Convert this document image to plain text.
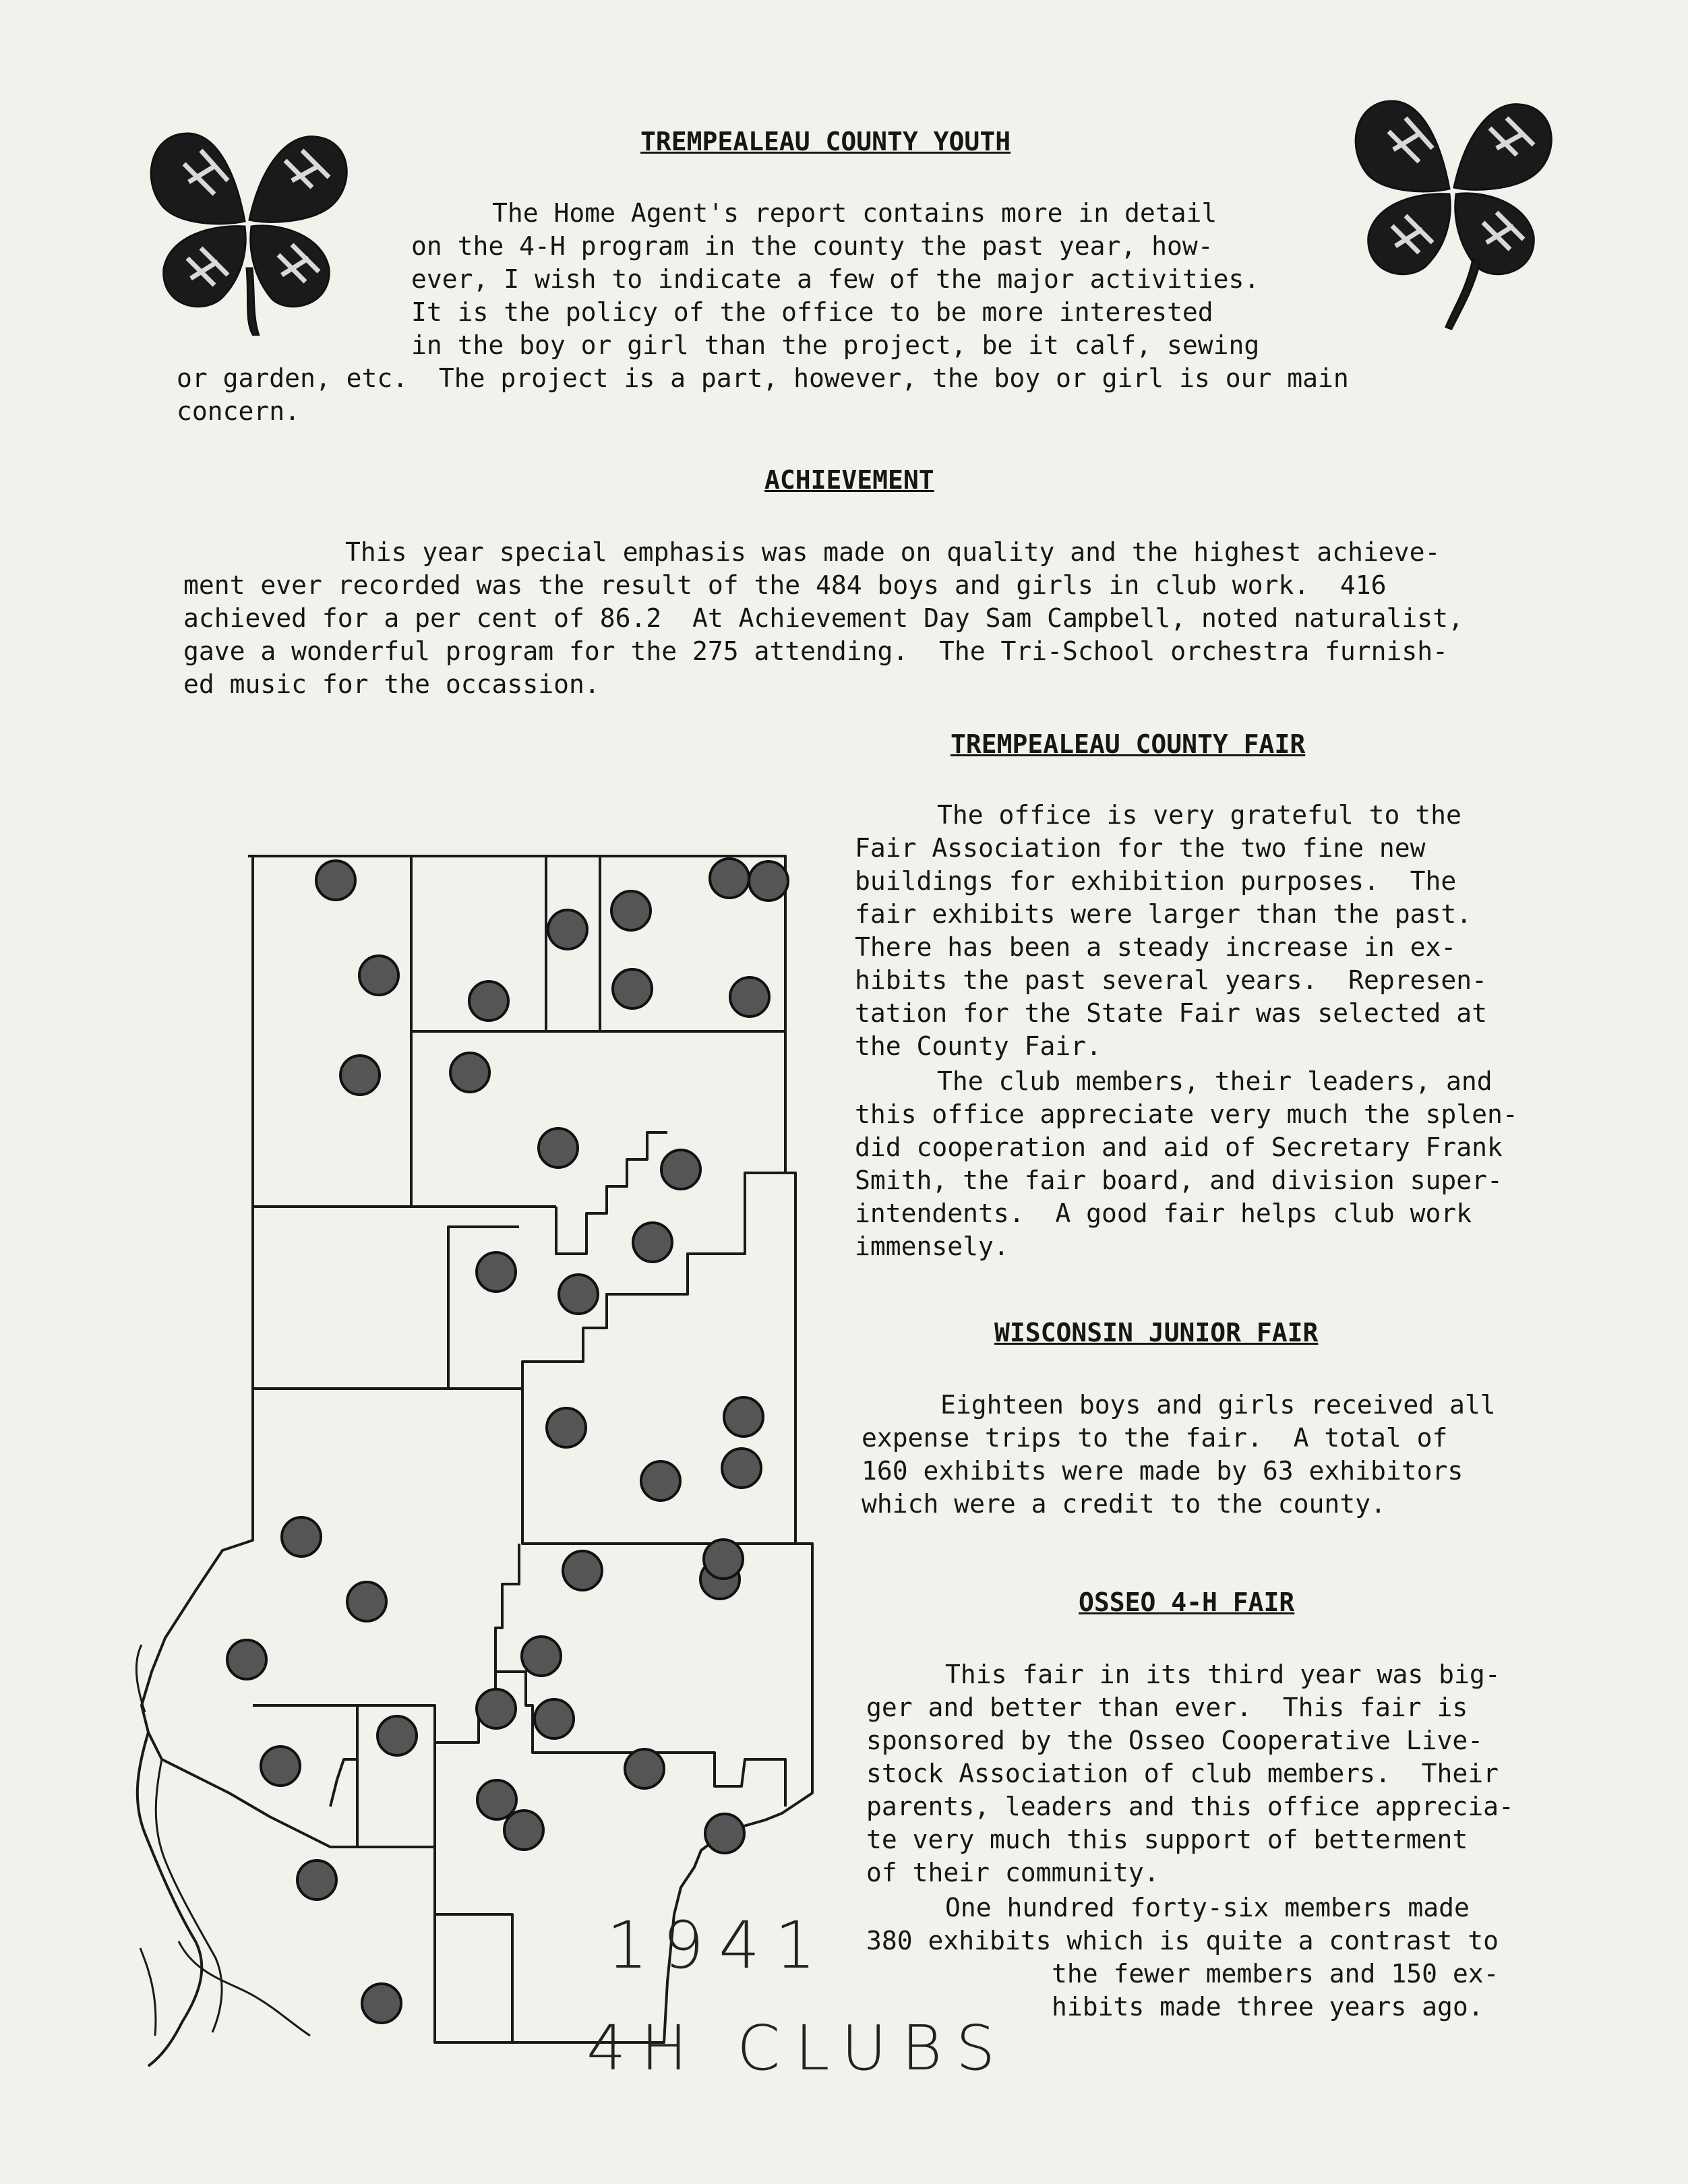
TREMPEALEAU COUNTY YOUTH
The Home Agent's report contains more in detail
on the 4-H program in the county the past year, how-
ever, I wish to indicate a few of the major activities.
It is the policy of the office to be more interested
in the boy or girl than the project, be it calf, sewing
or garden, etc.  The project is a part, however, the boy or girl is our main
concern.
ACHIEVEMENT
This year special emphasis was made on quality and the highest achieve-
ment ever recorded was the result of the 484 boys and girls in club work.  416
achieved for a per cent of 86.2  At Achievement Day Sam Campbell, noted naturalist,
gave a wonderful program for the 275 attending.  The Tri-School orchestra furnish-
ed music for the occassion.
TREMPEALEAU COUNTY FAIR
The office is very grateful to the
Fair Association for the two fine new
buildings for exhibition purposes.  The
fair exhibits were larger than the past.
There has been a steady increase in ex-
hibits the past several years.  Represen-
tation for the State Fair was selected at
the County Fair.
The club members, their leaders, and
this office appreciate very much the splen-
did cooperation and aid of Secretary Frank
Smith, the fair board, and division super-
intendents.  A good fair helps club work
immensely.
WISCONSIN JUNIOR FAIR
Eighteen boys and girls received all
expense trips to the fair.  A total of
160 exhibits were made by 63 exhibitors
which were a credit to the county.
OSSEO 4-H FAIR
This fair in its third year was big-
ger and better than ever.  This fair is
sponsored by the Osseo Cooperative Live-
stock Association of club members.  Their
parents, leaders and this office apprecia-
te very much this support of betterment
of their community.
One hundred forty-six members made
380 exhibits which is quite a contrast to
the fewer members and 150 ex-
hibits made three years ago.
1941
4H CLUBS
